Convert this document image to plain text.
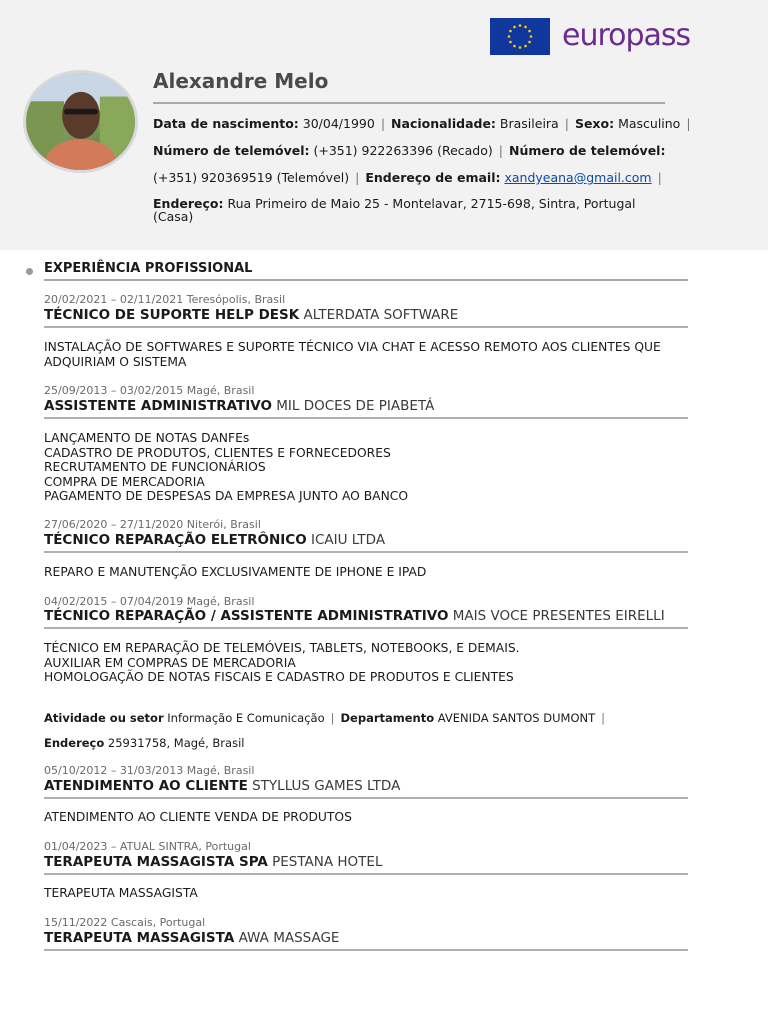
europass
Alexandre Melo
Data de nascimento: 30/04/1990 | Nacionalidade: Brasileira | Sexo: Masculino |
Número de telemóvel: (+351) 922263396 (Recado) | Número de telemóvel:
(+351) 920369519 (Telemóvel) | Endereço de email: xandyeana@gmail.com |
Endereço: Rua Primeiro de Maio 25 - Montelavar, 2715-698, Sintra, Portugal
(Casa)
EXPERIÊNCIA PROFISSIONAL
20/02/2021 – 02/11/2021 Teresópolis, Brasil
TÉCNICO DE SUPORTE HELP DESK ALTERDATA SOFTWARE
INSTALAÇÃO DE SOFTWARES E SUPORTE TÉCNICO VIA CHAT E ACESSO REMOTO AOS CLIENTES QUE
ADQUIRIAM O SISTEMA
25/09/2013 – 03/02/2015 Magé, Brasil
ASSISTENTE ADMINISTRATIVO MIL DOCES DE PIABETÁ
LANÇAMENTO DE NOTAS DANFEs
CADASTRO DE PRODUTOS, CLIENTES E FORNECEDORES
RECRUTAMENTO DE FUNCIONÁRIOS
COMPRA DE MERCADORIA
PAGAMENTO DE DESPESAS DA EMPRESA JUNTO AO BANCO
27/06/2020 – 27/11/2020 Niterói, Brasil
TÉCNICO REPARAÇÃO ELETRÔNICO ICAIU LTDA
REPARO E MANUTENÇÃO EXCLUSIVAMENTE DE IPHONE E IPAD
04/02/2015 – 07/04/2019 Magé, Brasil
TÉCNICO REPARAÇÃO / ASSISTENTE ADMINISTRATIVO MAIS VOCE PRESENTES EIRELLI
TÉCNICO EM REPARAÇÃO DE TELEMÓVEIS, TABLETS, NOTEBOOKS, E DEMAIS.
AUXILIAR EM COMPRAS DE MERCADORIA
HOMOLOGAÇÃO DE NOTAS FISCAIS E CADASTRO DE PRODUTOS E CLIENTES
Atividade ou setor Informação E Comunicação | Departamento AVENIDA SANTOS DUMONT |
Endereço 25931758, Magé, Brasil
05/10/2012 – 31/03/2013 Magé, Brasil
ATENDIMENTO AO CLIENTE STYLLUS GAMES LTDA
ATENDIMENTO AO CLIENTE VENDA DE PRODUTOS
01/04/2023 – ATUAL SINTRA, Portugal
TERAPEUTA MASSAGISTA SPA PESTANA HOTEL
TERAPEUTA MASSAGISTA
15/11/2022 Cascais, Portugal
TERAPEUTA MASSAGISTA AWA MASSAGE
